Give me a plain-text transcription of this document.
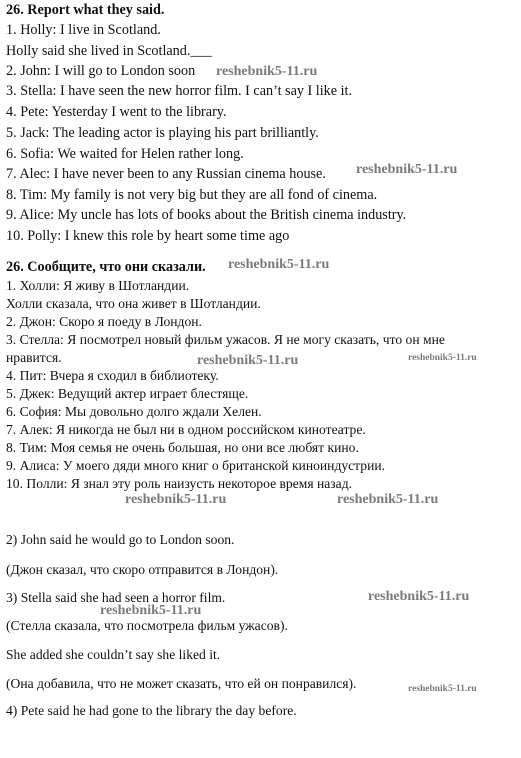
26. Report what they said.
1. Holly: I live in Scotland.
Holly said she lived in Scotland.___
2. John: I will go to London soon
3. Stella: I have seen the new horror film. I can’t say I like it.
4. Pete: Yesterday I went to the library.
5. Jack: The leading actor is playing his part brilliantly.
6. Sofia: We waited for Helen rather long.
7. Alec: I have never been to any Russian cinema house.
8. Tim: My family is not very big but they are all fond of cinema.
9. Alice: My uncle has lots of books about the British cinema industry.
10. Polly: I knew this role by heart some time ago
26. Сообщите, что они сказали.
1. Холли: Я живу в Шотландии.
Холли сказала, что она живет в Шотландии.
2. Джон: Скоро я поеду в Лондон.
3. Стелла: Я посмотрел новый фильм ужасов. Я не могу сказать, что он мне
нравится.
4. Пит: Вчера я сходил в библиотеку.
5. Джек: Ведущий актер играет блестяще.
6. София: Мы довольно долго ждали Хелен.
7. Алек: Я никогда не был ни в одном российском кинотеатре.
8. Тим: Моя семья не очень большая, но они все любят кино.
9. Алиса: У моего дяди много книг о британской киноиндустрии.
10. Полли: Я знал эту роль наизусть некоторое время назад.
2) John said he would go to London soon.
(Джон сказал, что скоро отправится в Лондон).
3) Stella said she had seen a horror film.
(Стелла сказала, что посмотрела фильм ужасов).
She added she couldn’t say she liked it.
(Она добавила, что не может сказать, что ей он понравился).
4) Pete said he had gone to the library the day before.
reshebnik5-11.ru
reshebnik5-11.ru
reshebnik5-11.ru
reshebnik5-11.ru	reshebnik5-11.ru
reshebnik5-11.ru	reshebnik5-11.ru
reshebnik5-11.ru
reshebnik5-11.ru
reshebnik5-11.ru
